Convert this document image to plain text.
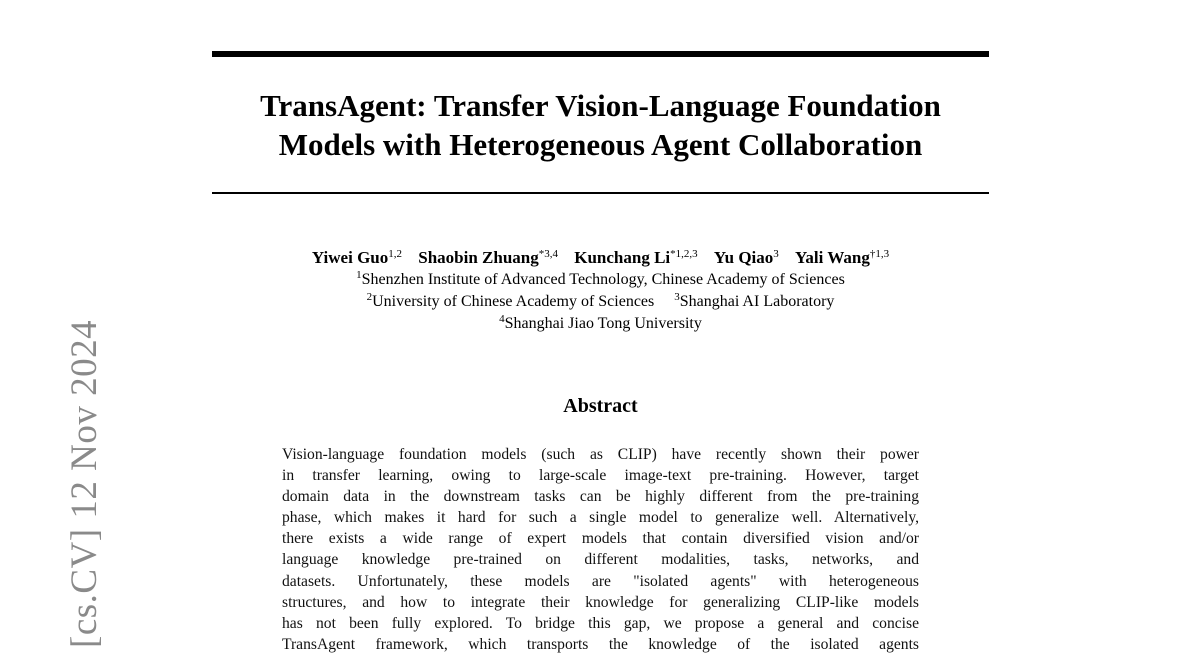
[cs.CV] 12 Nov 2024
TransAgent: Transfer Vision-Language Foundation
Models with Heterogeneous Agent Collaboration
Yiwei Guo$^{1,2}$ Shaobin Zhuang$^{*3,4}$ Kunchang Li$^{*1,2,3}$ Yu Qiao$^3$ Yali Wang$^{\dagger 1,3}$
$^1$Shenzhen Institute of Advanced Technology, Chinese Academy of Sciences
$^2$University of Chinese Academy of Sciences $^3$Shanghai AI Laboratory
$^4$Shanghai Jiao Tong University
Abstract
Vision-language foundation models (such as CLIP) have recently shown their power
in transfer learning, owing to large-scale image-text pre-training. However, target
domain data in the downstream tasks can be highly different from the pre-training
phase, which makes it hard for such a single model to generalize well. Alternatively,
there exists a wide range of expert models that contain diversified vision and/or
language knowledge pre-trained on different modalities, tasks, networks, and
datasets. Unfortunately, these models are "isolated agents" with heterogeneous
structures, and how to integrate their knowledge for generalizing CLIP-like models
has not been fully explored. To bridge this gap, we propose a general and concise
TransAgent framework, which transports the knowledge of the isolated agents
